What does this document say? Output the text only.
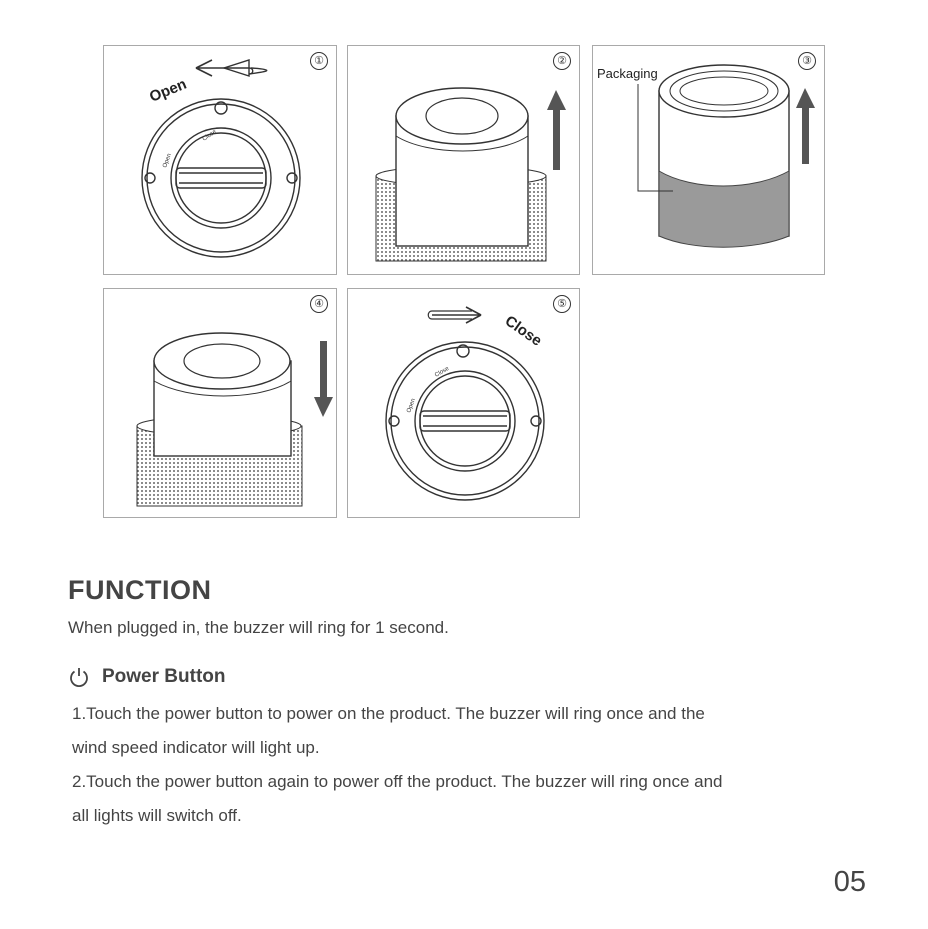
Open
Close
Open
①	②
Packaging
③
④
Close
Close
Open
⑤
FUNCTION
When plugged in, the buzzer will ring for 1 second.
Power Button
1.Touch the power button to power on the product. The buzzer will ring once and the
wind speed indicator will light up.
2.Touch the power button again to power off the product. The buzzer will ring once and
all lights will switch off.
05
